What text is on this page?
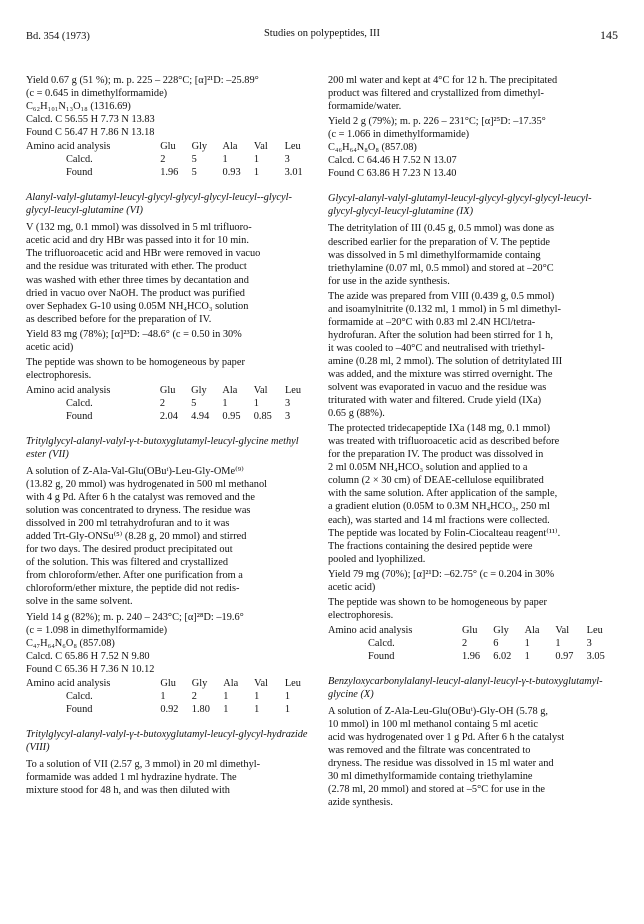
Bd. 354 (1973)	Studies on polypeptides, III	145
Yield 0.67 g (51 %); m. p. 225 – 228°C; [α]²¹D: –25.89°
(c = 0.645 in dimethylformamide)
C₆₂H₁₀₁N₁₃O₁₈ (1316.69)
Calcd. C 56.55 H 7.73 N 13.83
Found C 56.47 H 7.86 N 13.18
Amino acid analysis	Glu	Gly	Ala	Val	Leu
Calcd.	2	5	1	1	3
Found	1.96	5	0.93	1	3.01
Alanyl-valyl-glutamyl-leucyl-glycyl-glycyl-glycyl-leucyl--glycyl-glycyl-leucyl-glutamine (VI)

V (132 mg, 0.1 mmol) was dissolved in 5 ml trifluoro-
acetic acid and dry HBr was passed into it for 10 min.
The trifluoroacetic acid and HBr were removed in vacuo
and the residue was triturated with ether. The product
was washed with ether three times by decantation and
dried in vacuo over NaOH. The product was purified
over Sephadex G-10 using 0.05M NH₄HCO₃ solution
as described before for the preparation of IV.

Yield 83 mg (78%); [α]²³D: –48.6° (c = 0.50 in 30%
acetic acid)

The peptide was shown to be homogeneous by paper
electrophoresis.

Amino acid analysis	Glu	Gly	Ala	Val	Leu
Calcd.	2	5	1	1	3
Found	2.04	4.94	0.95	0.85	3
Tritylglycyl-alanyl-valyl-γ-t-butoxyglutamyl-leucyl-glycine methyl ester (VII)

A solution of Z-Ala-Val-Glu(OBuᵗ)-Leu-Gly-OMe⁽⁹⁾
(13.82 g, 20 mmol) was hydrogenated in 500 ml methanol
with 4 g Pd. After 6 h the catalyst was removed and the
solution was concentrated to dryness. The residue was
dissolved in 200 ml tetrahydrofuran and to it was
added Trt-Gly-ONSu⁽⁵⁾ (8.28 g, 20 mmol) and stirred
for two days. The desired product precipitated out
of the solution. This was filtered and crystallized
from chloroform/ether. After one purification from a
chloroform/ether mixture, the peptide did not redis-
solve in the same solvent.

Yield 14 g (82%); m. p. 240 – 243°C; [α]²⁸D: –19.6°
(c = 1.098 in dimethylformamide)
C₄₇H₆₄N₆O₈ (857.08)
Calcd. C 65.86 H 7.52 N 9.80
Found C 65.36 H 7.36 N 10.12
Amino acid analysis	Glu	Gly	Ala	Val	Leu
Calcd.	1	2	1	1	1
Found	0.92	1.80	1	1	1
Tritylglycyl-alanyl-valyl-γ-t-butoxyglutamyl-leucyl-glycyl-hydrazide (VIII)

To a solution of VII (2.57 g, 3 mmol) in 20 ml dimethyl-
formamide was added 1 ml hydrazine hydrate. The
mixture stood for 48 h, and was then diluted with

200 ml water and kept at 4°C for 12 h. The precipitated
product was filtered and crystallized from dimethyl-
formamide/water.

Yield 2 g (79%); m. p. 226 – 231°C; [α]²⁵D: –17.35°
(c = 1.066 in dimethylformamide)
C₄₆H₆₄N₈O₈ (857.08)
Calcd. C 64.46 H 7.52 N 13.07
Found C 63.86 H 7.23 N 13.40
Glycyl-alanyl-valyl-glutamyl-leucyl-glycyl-glycyl-glycyl-leucyl-glycyl-glycyl-leucyl-glutamine (IX)

The detritylation of III (0.45 g, 0.5 mmol) was done as
described earlier for the preparation of V. The peptide
was dissolved in 5 ml dimethylformamide containg
triethylamine (0.07 ml, 0.5 mmol) and stored at –20°C
for use in the azide synthesis.

The azide was prepared from VIII (0.439 g, 0.5 mmol)
and isoamylnitrite (0.132 ml, 1 mmol) in 5 ml dimethyl-
formamide at –20°C with 0.83 ml 2.4N HCl/tetra-
hydrofuran. After the solution had been stirred for 1 h,
it was cooled to –40°C and neutralised with triethyl-
amine (0.28 ml, 2 mmol). The solution of detritylated III
was added, and the mixture was stirred overnight. The
solvent was evaporated in vacuo and the residue was
triturated with water and filtered. Crude yield (IXa)
0.65 g (88%).

The protected tridecapeptide IXa (148 mg, 0.1 mmol)
was treated with trifluoroacetic acid as described before
for the preparation IV. The product was dissolved in
2 ml 0.05M NH₄HCO₃ solution and applied to a
column (2 × 30 cm) of DEAE-cellulose equilibrated
with the same solution. After application of the sample,
a gradient elution (0.05M to 0.3M NH₄HCO₃, 250 ml
each), was started and 14 ml fractions were collected.
The peptide was located by Folin-Ciocalteau reagent⁽¹¹⁾.
The fractions containing the desired peptide were
pooled and lyophilized.

Yield 79 mg (70%); [α]²¹D: –62.75° (c = 0.204 in 30%
acetic acid)

The peptide was shown to be homogeneous by paper
electrophoresis.

Amino acid analysis	Glu	Gly	Ala	Val	Leu
Calcd.	2	6	1	1	3
Found	1.96	6.02	1	0.97	3.05
Benzyloxycarbonylalanyl-leucyl-alanyl-leucyl-γ-t-butoxyglutamyl-glycine (X)

A solution of Z-Ala-Leu-Glu(OBuᵗ)-Gly-OH (5.78 g,
10 mmol) in 100 ml methanol containg 5 ml acetic
acid was hydrogenated over 1 g Pd. After 6 h the catalyst
was removed and the filtrate was concentrated to
dryness. The residue was dissolved in 15 ml water and
30 ml dimethylformamide containg triethylamine
(2.78 ml, 20 mmol) and stored at –5°C for use in the
azide synthesis.
